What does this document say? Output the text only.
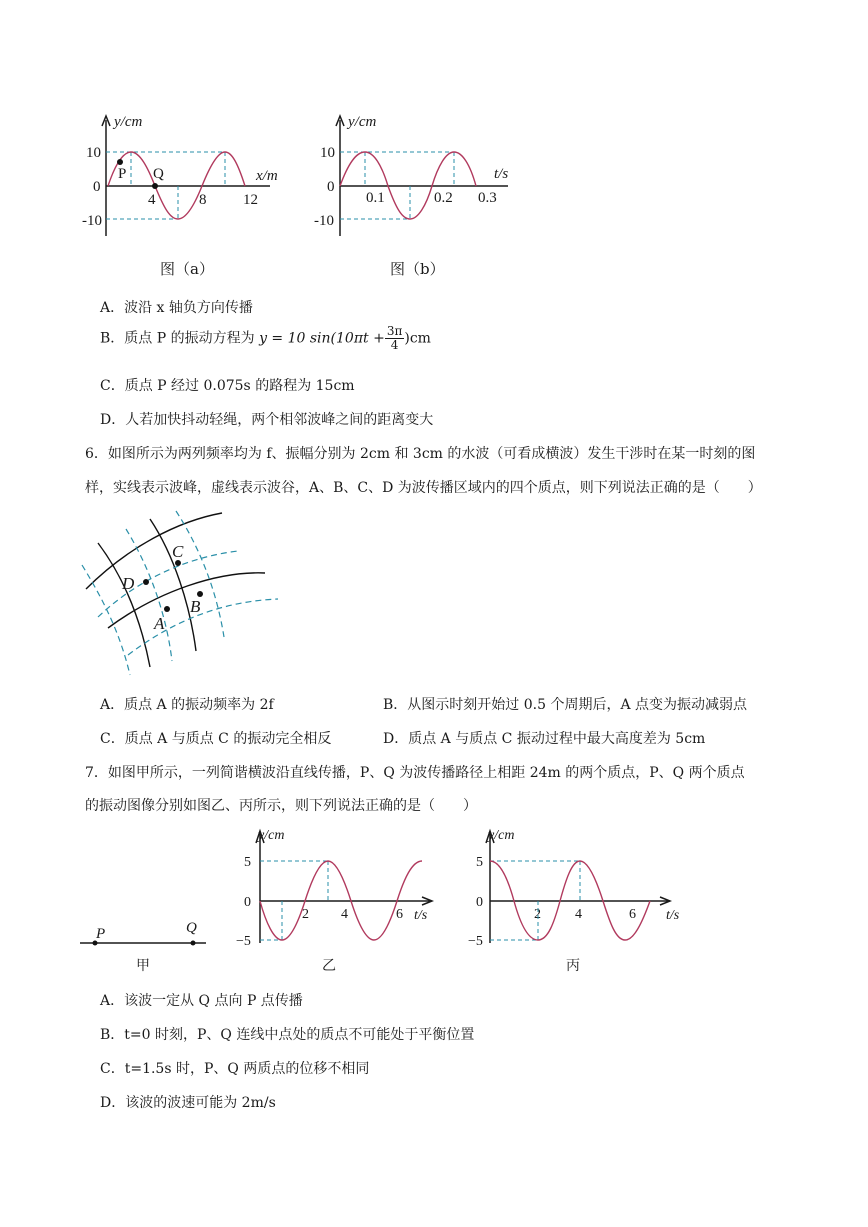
y/cm
x/m
10
0
-10
4	8 12
P Q
图（a）
y/cm
t/s
10
0
-10
0.1	0.2 0.3
图（b）
A．波沿 x 轴负方向传播
B．质点 P 的振动方程为 y = 10 $\sin(10\pi t + \frac{3\pi}{4} )cm$
C．质点 P 经过 0.075s 的路程为 15cm
D．人若加快抖动轻绳，两个相邻波峰之间的距离变大
6．如图所示为两列频率均为 f、振幅分别为 2cm 和 3cm 的水波（可看成横波）发生干涉时在某一时刻的图
样，实线表示波峰，虚线表示波谷，A、B、C、D 为波传播区域内的四个质点，则下列说法正确的是（　　）
D
C
A
B
A．质点 A 的振动频率为 2f	B．从图示时刻开始过 0.5 个周期后，A 点变为振动减弱点
C．质点 A 与质点 C 的振动完全相反	D．质点 A 与质点 C 振动过程中最大高度差为 5cm
7．如图甲所示，一列简谐横波沿直线传播，P、Q 为波传播路径上相距 24m 的两个质点，P、Q 两个质点
的振动图像分别如图乙、丙所示，则下列说法正确的是（　　）
P	Q
甲
y/cm
t/s
5
0
−5
2 4	6
乙
y/cm
t/s
5
0
−5
2 4	6
丙
A．该波一定从 Q 点向 P 点传播
B．t=0 时刻，P、Q 连线中点处的质点不可能处于平衡位置
C．t=1.5s 时，P、Q 两质点的位移不相同
D．该波的波速可能为 2m/s
